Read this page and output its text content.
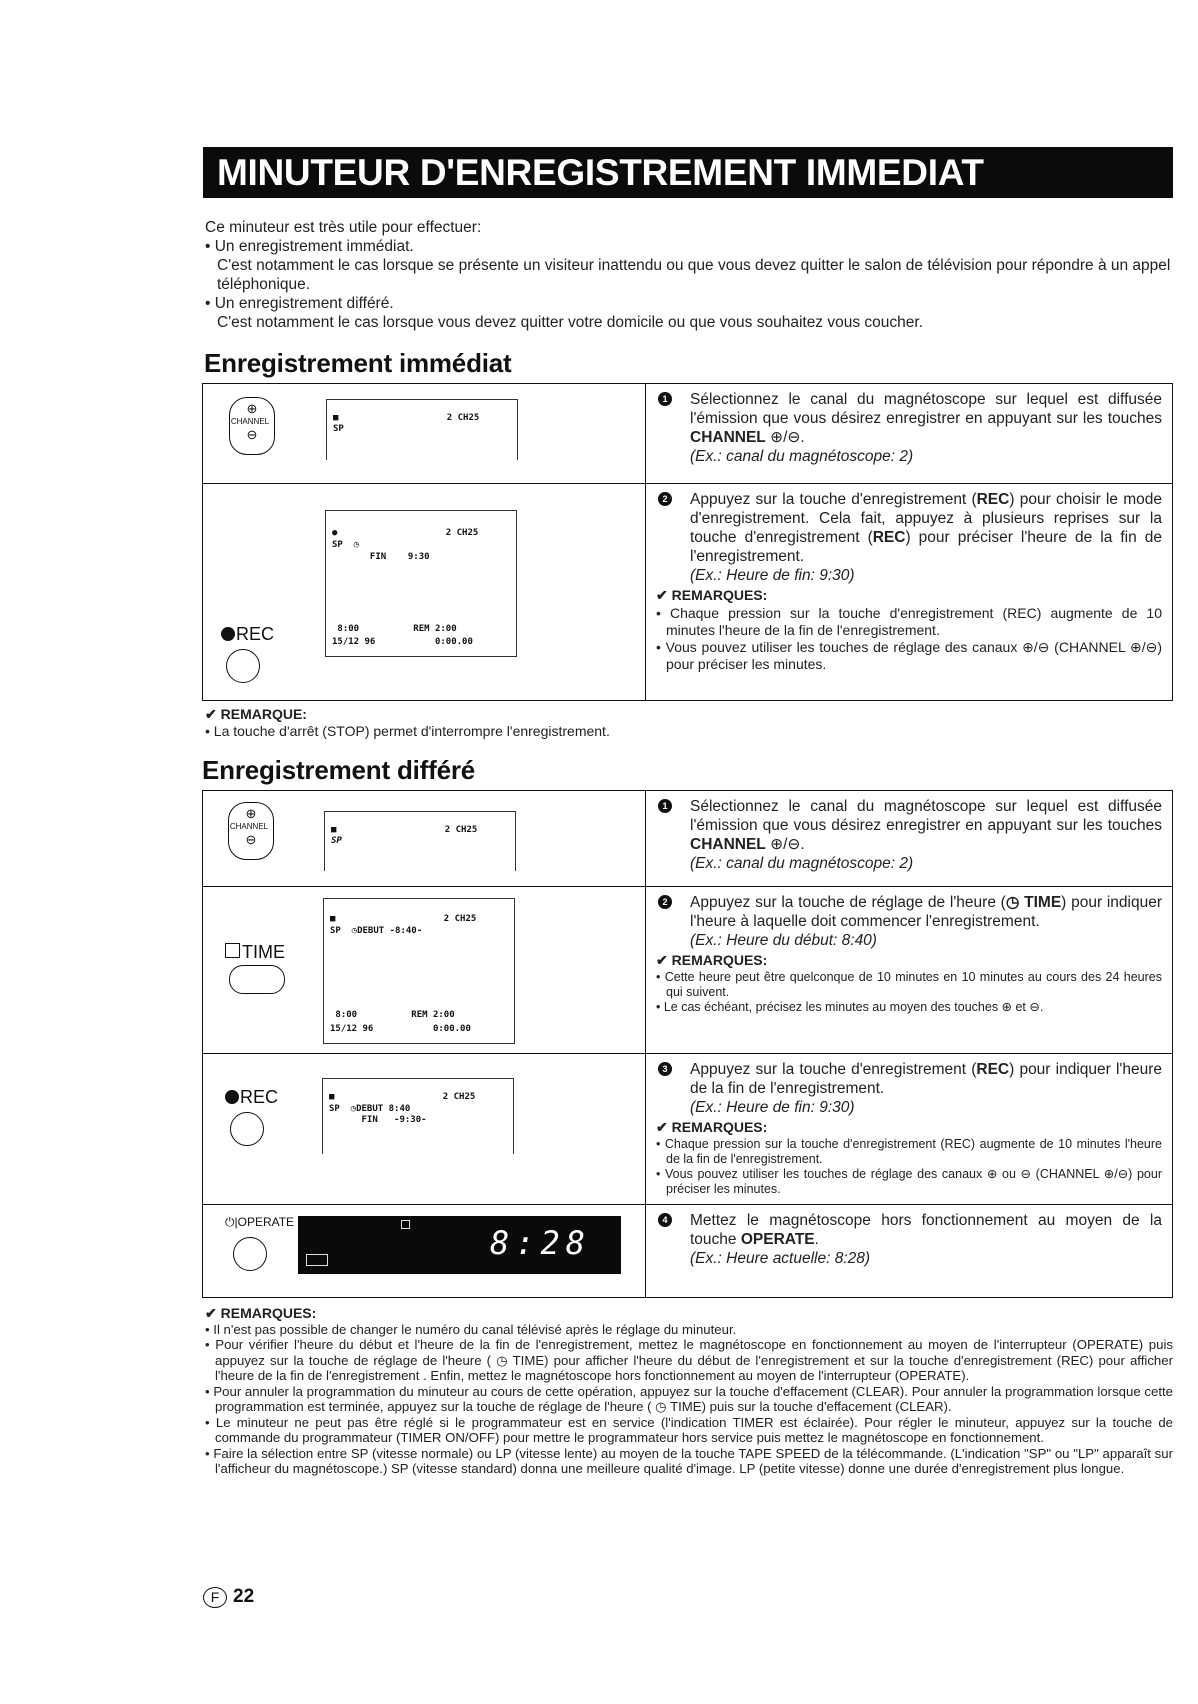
MINUTEUR D'ENREGISTREMENT IMMEDIAT

Ce minuteur est très utile pour effectuer:

• Un enregistrement immédiat.

C'est notamment le cas lorsque se présente un visiteur inattendu ou que vous devez quitter le salon de télévision pour répondre à un appel téléphonique.

• Un enregistrement différé.

C'est notamment le cas lorsque vous devez quitter votre domicile ou que vous souhaitez vous coucher.

Enregistrement immédiat
⊕
CHANNEL
⊖
■                    2 CH25
SP

1 Sélectionnez le canal du magnétoscope sur lequel est diffusée l'émission que vous désirez enregistrer en appuyant sur les touches CHANNEL ⊕/⊖.
(Ex.: canal du magnétoscope: 2)

REC
●                    2 CH25
SP  ◷
FIN    9:30
8:00          REM 2:00
15/12 96           0:00.00

2 Appuyez sur la touche d'enregistrement (REC) pour choisir le mode d'enregistrement. Cela fait, appuyez à plusieurs reprises sur la touche d'enregistrement (REC) pour préciser l'heure de la fin de l'enregistrement.
(Ex.: Heure de fin: 9:30)
✔ REMARQUES:
• Chaque pression sur la touche d'enregistrement (REC) augmente de 10 minutes l'heure de la fin de l'enregistrement.
• Vous pouvez utiliser les touches de réglage des canaux ⊕/⊖ (CHANNEL ⊕/⊖) pour préciser les minutes.
✔ REMARQUE:
• La touche d'arrêt (STOP) permet d'interrompre l'enregistrement.
Enregistrement différé
⊕
CHANNEL
⊖
■                    2 CH25
SP

1 Sélectionnez le canal du magnétoscope sur lequel est diffusée l'émission que vous désirez enregistrer en appuyant sur les touches CHANNEL ⊕/⊖.
(Ex.: canal du magnétoscope: 2)

TIME
■                    2 CH25
SP  ◷DEBUT -8:40-
8:00          REM 2:00
15/12 96           0:00.00

2 Appuyez sur la touche de réglage de l'heure (◷ TIME) pour indiquer l'heure à laquelle doit commencer l'enregistrement.
(Ex.: Heure du début: 8:40)
✔ REMARQUES:
• Cette heure peut être quelconque de 10 minutes en 10 minutes au cours des 24 heures qui suivent.
• Le cas échéant, précisez les minutes au moyen des touches ⊕ et ⊖.

REC	■                    2 CH25
SP  ◷DEBUT 8:40
FIN   -9:30-

3 Appuyez sur la touche d'enregistrement (REC) pour indiquer l'heure de la fin de l'enregistrement.
(Ex.: Heure de fin: 9:30)
✔ REMARQUES:
• Chaque pression sur la touche d'enregistrement (REC) augmente de 10 minutes l'heure de la fin de l'enregistrement.
• Vous pouvez utiliser les touches de réglage des canaux ⊕ ou ⊖ (CHANNEL ⊕/⊖) pour préciser les minutes.

⏻|OPERATE
8:28

4 Mettez le magnétoscope hors fonctionnement au moyen de la touche OPERATE.
(Ex.: Heure actuelle: 8:28)
✔ REMARQUES:
• Il n'est pas possible de changer le numéro du canal télévisé après le réglage du minuteur.
• Pour vérifier l'heure du début et l'heure de la fin de l'enregistrement, mettez le magnétoscope en fonctionnement au moyen de l'interrupteur (OPERATE) puis appuyez sur la touche de réglage de l'heure ( ◷ TIME) pour afficher l'heure du début de l'enregistrement et sur la touche d'enregistrement (REC) pour afficher l'heure de la fin de l'enregistrement . Enfin, mettez le magnétoscope hors fonctionnement au moyen de l'interrupteur (OPERATE).
• Pour annuler la programmation du minuteur au cours de cette opération, appuyez sur la touche d'effacement (CLEAR). Pour annuler la programmation lorsque cette programmation est terminée, appuyez sur la touche de réglage de l'heure ( ◷ TIME) puis sur la touche d'effacement (CLEAR).
• Le minuteur ne peut pas être réglé si le programmateur est en service (l'indication TIMER est éclairée). Pour régler le minuteur, appuyez sur la touche de commande du programmateur (TIMER ON/OFF) pour mettre le programmateur hors service puis mettez le magnétoscope en fonctionnement.
• Faire la sélection entre SP (vitesse normale) ou LP (vitesse lente) au moyen de la touche TAPE SPEED de la télécommande. (L'indication "SP" ou "LP" apparaît sur l'afficheur du magnétoscope.) SP (vitesse standard) donna une meilleure qualité d'image. LP (petite vitesse) donne une durée d'enregistrement plus longue.
F 22
